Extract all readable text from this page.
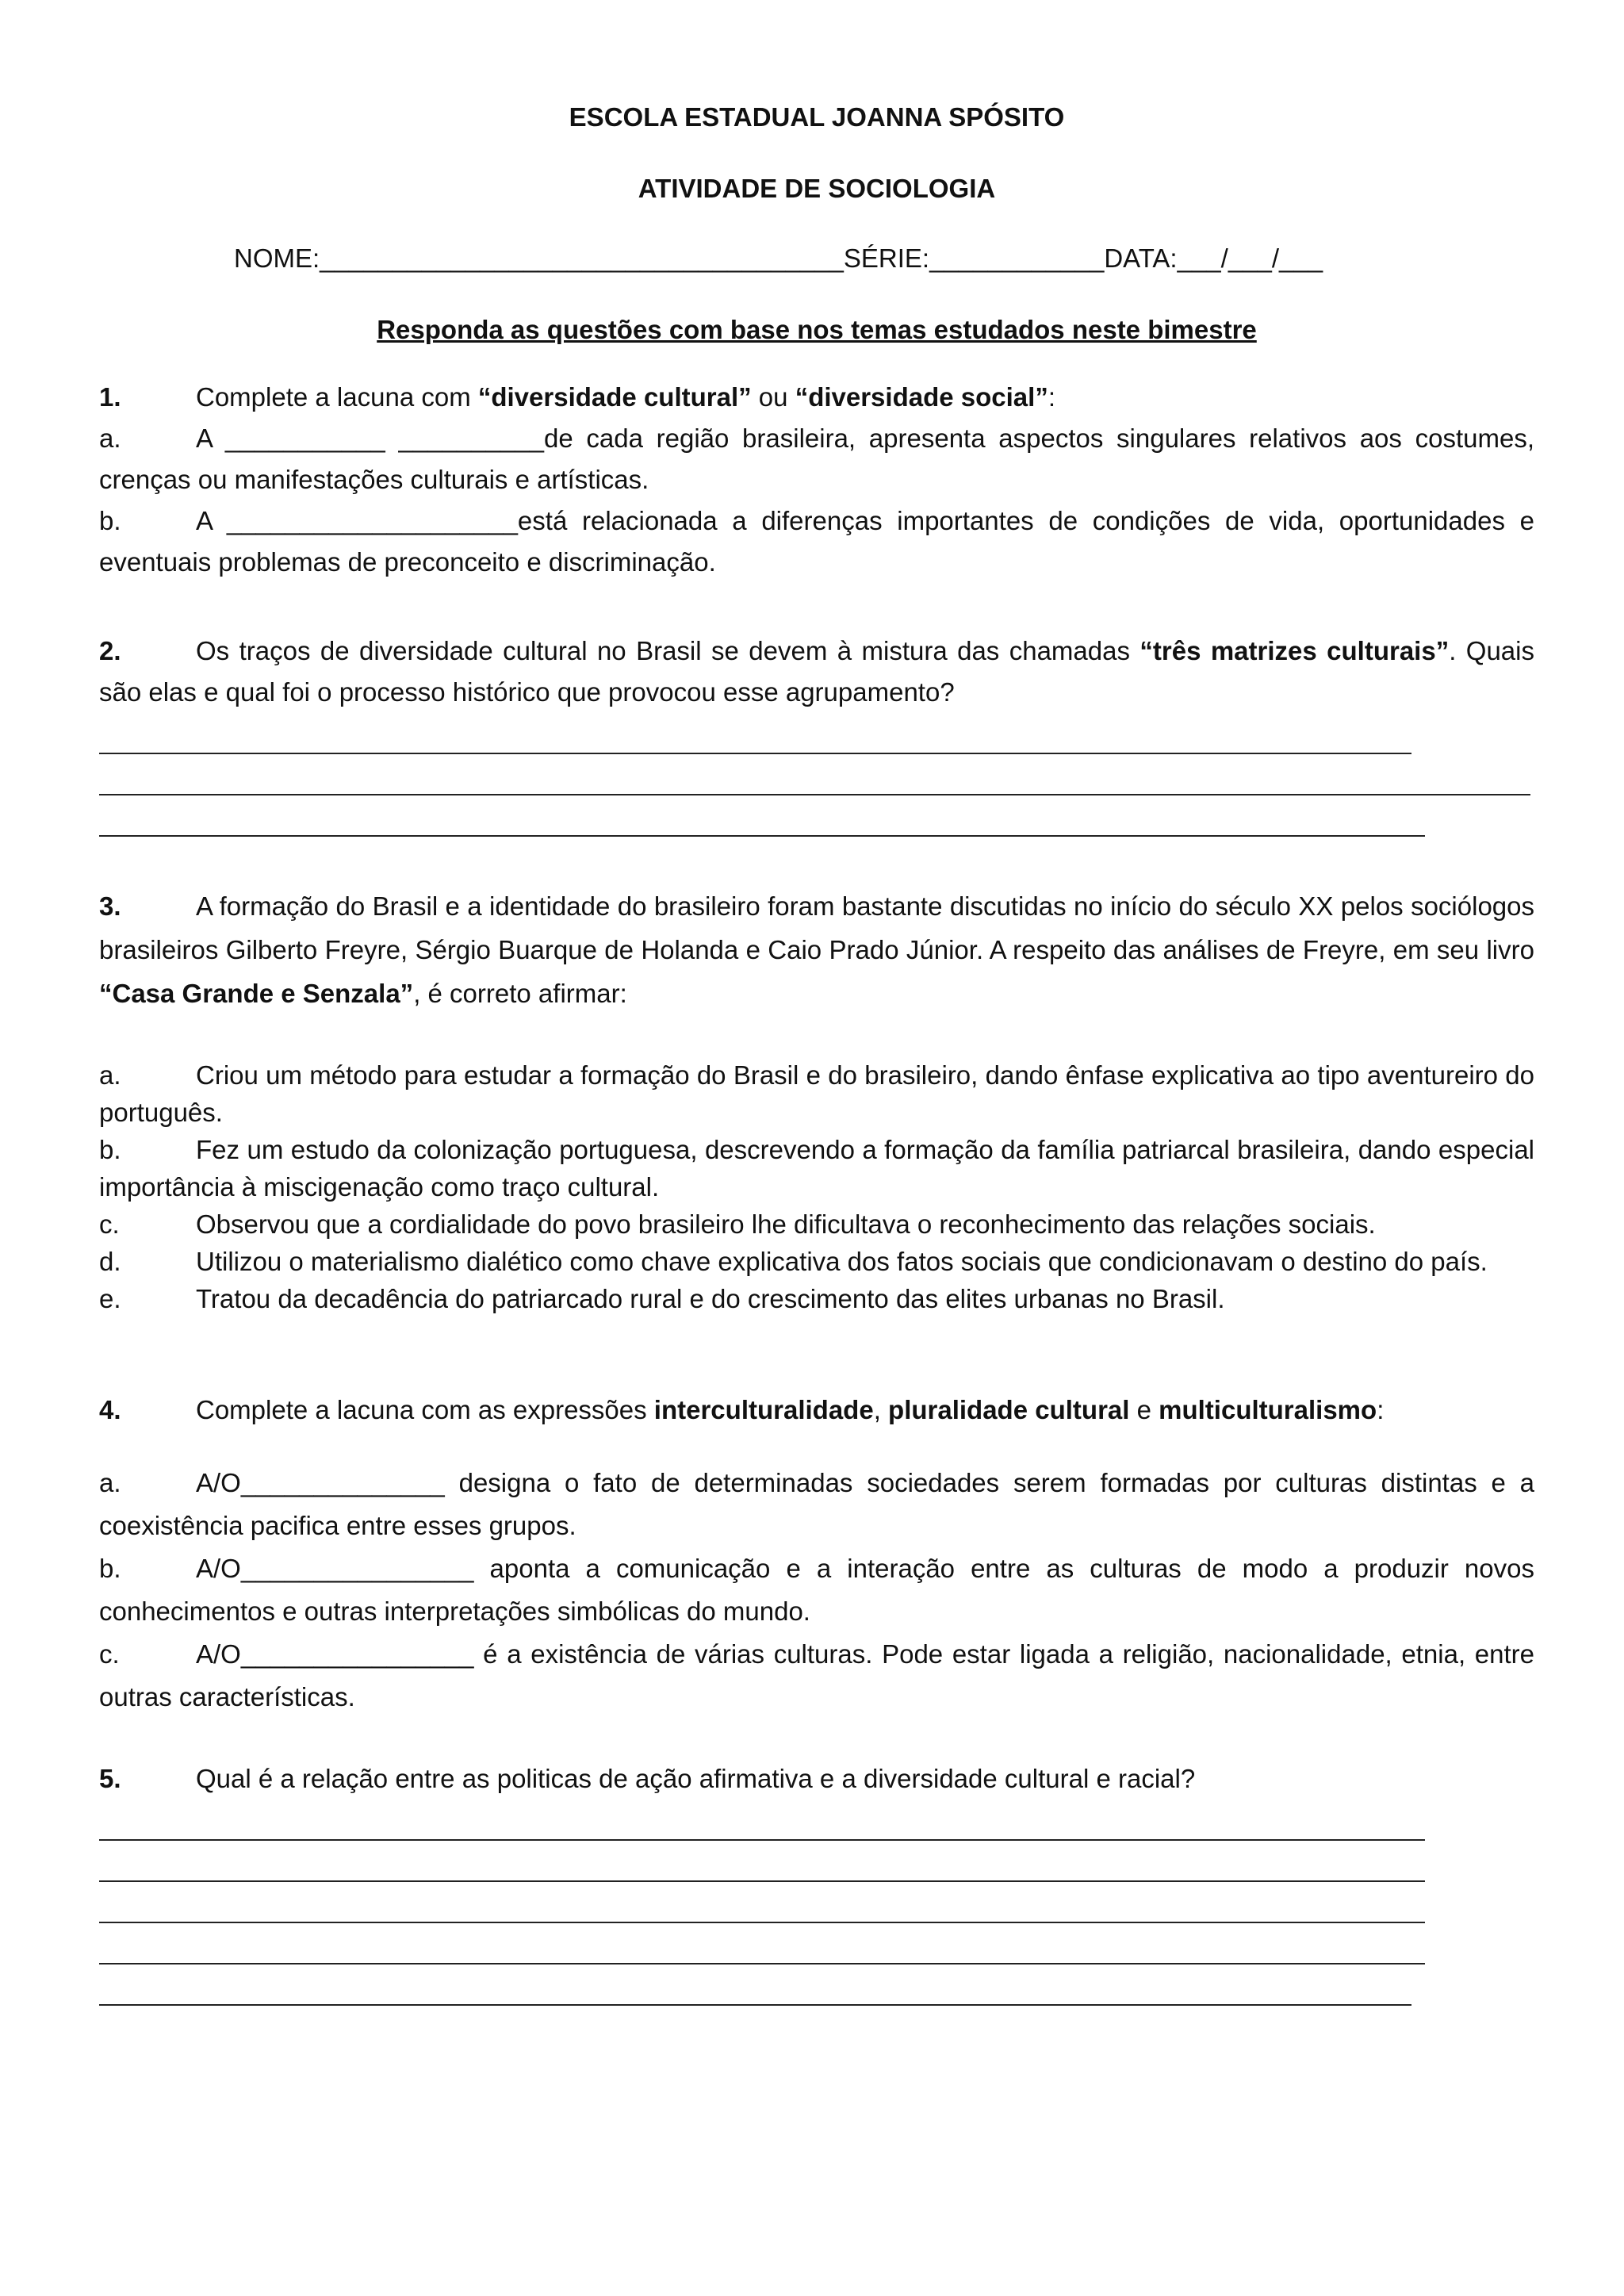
ESCOLA ESTADUAL JOANNA SPÓSITO
ATIVIDADE DE SOCIOLOGIA
NOME:____________________________________SÉRIE:____________DATA:___/___/___
Responda as questões com base nos temas estudados neste bimestre
1.	Complete a lacuna com “diversidade cultural” ou “diversidade social”:
a.	A ___________ __________de cada região brasileira, apresenta aspectos singulares relativos aos costumes, crenças ou manifestações culturais e artísticas.
b.	A ____________________está relacionada a diferenças importantes de condições de vida, oportunidades e eventuais problemas de preconceito e discriminação.
2.	Os traços de diversidade cultural no Brasil se devem à mistura das chamadas “três matrizes culturais”. Quais são elas e qual foi o processo histórico que provocou esse agrupamento?
3.	A formação do Brasil e a identidade do brasileiro foram bastante discutidas no início do século XX pelos sociólogos brasileiros Gilberto Freyre, Sérgio Buarque de Holanda e Caio Prado Júnior. A respeito das análises de Freyre, em seu livro “Casa Grande e Senzala”, é correto afirmar:
a.	Criou um método para estudar a formação do Brasil e do brasileiro, dando ênfase explicativa ao tipo aventureiro do português.
b.	Fez um estudo da colonização portuguesa, descrevendo a formação da família patriarcal brasileira, dando especial importância à miscigenação como traço cultural.
c.	Observou que a cordialidade do povo brasileiro lhe dificultava o reconhecimento das relações sociais.
d.	Utilizou o materialismo dialético como chave explicativa dos fatos sociais que condicionavam o destino do país.
e.	Tratou da decadência do patriarcado rural e do crescimento das elites urbanas no Brasil.
4.	Complete a lacuna com as expressões interculturalidade, pluralidade cultural e multiculturalismo:
a.	A/O______________ designa o fato de determinadas sociedades serem formadas por culturas distintas e a coexistência pacifica entre esses grupos.
b.	A/O________________ aponta a comunicação e a interação entre as culturas de modo a produzir novos conhecimentos e outras interpretações simbólicas do mundo.
c.	A/O________________ é a existência de várias culturas. Pode estar ligada a religião, nacionalidade, etnia, entre outras características.
5.	Qual é a relação entre as politicas de ação afirmativa e a diversidade cultural e racial?
